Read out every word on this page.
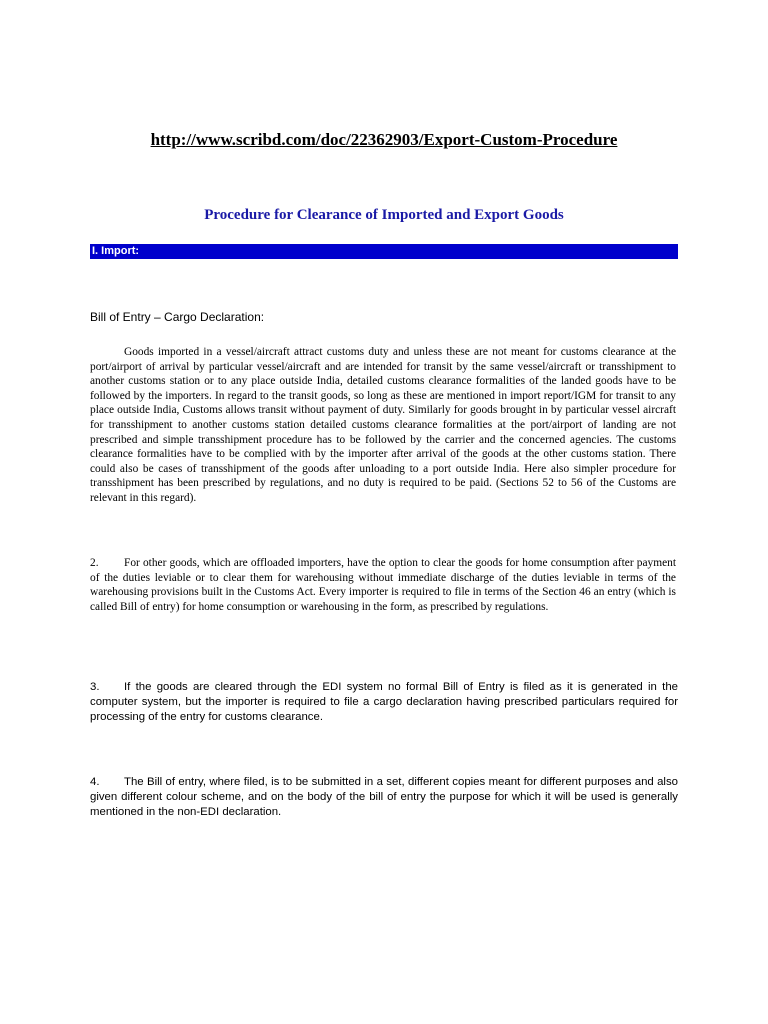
http://www.scribd.com/doc/22362903/Export-Custom-Procedure
Procedure for Clearance of Imported and Export Goods
I. Import:
Bill of Entry – Cargo Declaration:

Goods imported in a vessel/aircraft attract customs duty and unless these are not meant for customs clearance at the port/airport of arrival by particular vessel/aircraft and are intended for transit by the same vessel/aircraft or transshipment to another customs station or to any place outside India, detailed customs clearance formalities of the landed goods have to be followed by the importers. In regard to the transit goods, so long as these are mentioned in import report/IGM for transit to any place outside India, Customs allows transit without payment of duty. Similarly for goods brought in by particular vessel aircraft for transshipment to another customs station detailed customs clearance formalities at the port/airport of landing are not prescribed and simple transshipment procedure has to be followed by the carrier and the concerned agencies. The customs clearance formalities have to be complied with by the importer after arrival of the goods at the other customs station. There could also be cases of transshipment of the goods after unloading to a port outside India. Here also simpler procedure for transshipment has been prescribed by regulations, and no duty is required to be paid. (Sections 52 to 56 of the Customs are relevant in this regard).

2. For other goods, which are offloaded importers, have the option to clear the goods for home consumption after payment of the duties leviable or to clear them for warehousing without immediate discharge of the duties leviable in terms of the warehousing provisions built in the Customs Act. Every importer is required to file in terms of the Section 46 an entry (which is called Bill of entry) for home consumption or warehousing in the form, as prescribed by regulations.

3. If the goods are cleared through the EDI system no formal Bill of Entry is filed as it is generated in the computer system, but the importer is required to file a cargo declaration having prescribed particulars required for processing of the entry for customs clearance.

4. The Bill of entry, where filed, is to be submitted in a set, different copies meant for different purposes and also given different colour scheme, and on the body of the bill of entry the purpose for which it will be used is generally mentioned in the non-EDI declaration.
